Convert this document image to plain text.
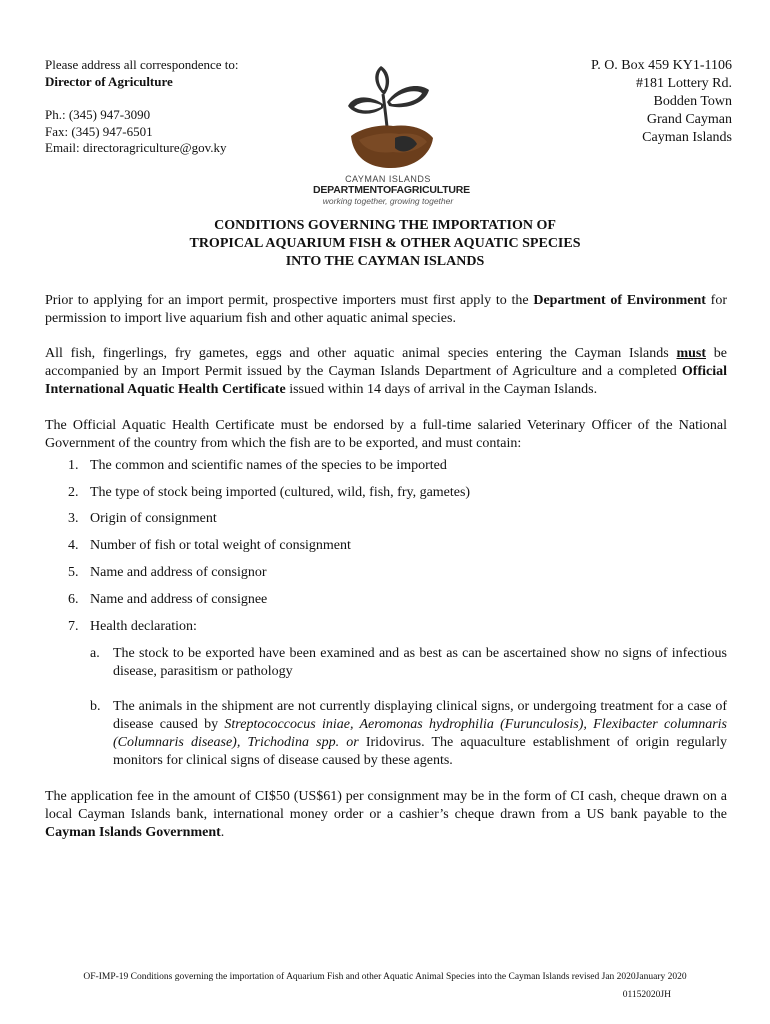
Please address all correspondence to:
Director of Agriculture
Ph.: (345) 947-3090
Fax: (345) 947-6501
Email: directoragriculture@gov.ky
CAYMAN ISLANDS
DEPARTMENTOFAGRICULTURE
working together, growing together
P. O. Box 459 KY1-1106
#181 Lottery Rd.
Bodden Town
Grand Cayman
Cayman Islands
CONDITIONS GOVERNING THE IMPORTATION OF
TROPICAL AQUARIUM FISH & OTHER AQUATIC SPECIES
INTO THE CAYMAN ISLANDS
Prior to applying for an import permit, prospective importers must first apply to the Department of Environment for permission to import live aquarium fish and other aquatic animal species.
All fish, fingerlings, fry gametes, eggs and other aquatic animal species entering the Cayman Islands must be accompanied by an Import Permit issued by the Cayman Islands Department of Agriculture and a completed Official International Aquatic Health Certificate issued within 14 days of arrival in the Cayman Islands.
The Official Aquatic Health Certificate must be endorsed by a full-time salaried Veterinary Officer of the National Government of the country from which the fish are to be exported, and must contain:
1. The common and scientific names of the species to be imported
2. The type of stock being imported (cultured, wild, fish, fry, gametes)
3. Origin of consignment
4. Number of fish or total weight of consignment
5. Name and address of consignor
6. Name and address of consignee
7. Health declaration:
a. The stock to be exported have been examined and as best as can be ascertained show no signs of infectious disease, parasitism or pathology
b. The animals in the shipment are not currently displaying clinical signs, or undergoing treatment for a case of disease caused by Streptococcocus iniae, Aeromonas hydrophilia (Furunculosis), Flexibacter columnaris (Columnaris disease), Trichodina spp. or Iridovirus. The aquaculture establishment of origin regularly monitors for clinical signs of disease caused by these agents.
The application fee in the amount of CI$50 (US$61) per consignment may be in the form of CI cash, cheque drawn on a local Cayman Islands bank, international money order or a cashier’s cheque drawn from a US bank payable to the Cayman Islands Government.
OF-IMP-19 Conditions governing the importation of Aquarium Fish and other Aquatic Animal Species into the Cayman Islands revised Jan 2020January 2020
01152020JH
